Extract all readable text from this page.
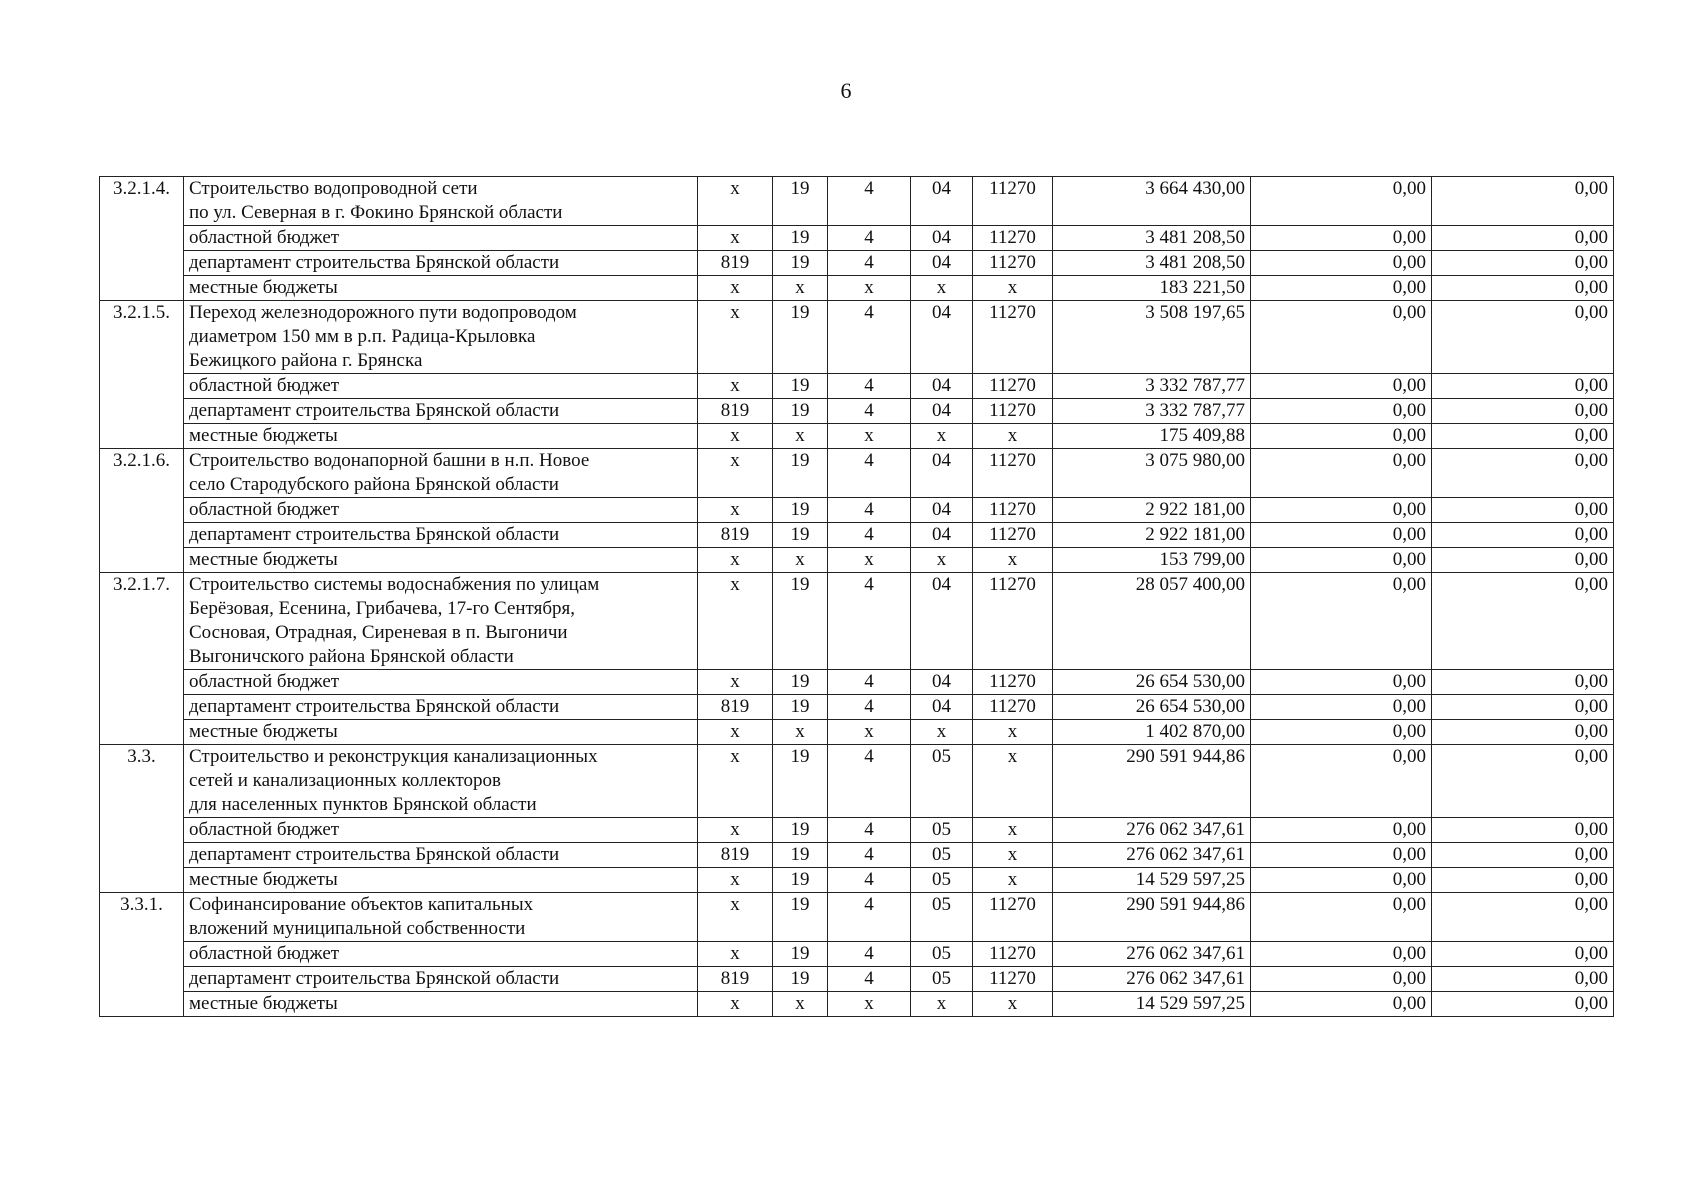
6
3.2.1.4.	Строительство водопроводной сети
по ул. Северная в г. Фокино Брянской области	х	19	4	04	11270	3 664 430,00	0,00	0,00
	областной бюджет	х	19	4	04	11270	3 481 208,50	0,00	0,00
	департамент строительства Брянской области	819	19	4	04	11270	3 481 208,50	0,00	0,00
	местные бюджеты	х	х	х	х	х	183 221,50	0,00	0,00
3.2.1.5.	Переход железнодорожного пути водопроводом
диаметром 150 мм в р.п. Радица-Крыловка
Бежицкого района г. Брянска	х	19	4	04	11270	3 508 197,65	0,00	0,00
	областной бюджет	х	19	4	04	11270	3 332 787,77	0,00	0,00
	департамент строительства Брянской области	819	19	4	04	11270	3 332 787,77	0,00	0,00
	местные бюджеты	х	х	х	х	х	175 409,88	0,00	0,00
3.2.1.6.	Строительство водонапорной башни в н.п. Новое
село Стародубского района Брянской области	х	19	4	04	11270	3 075 980,00	0,00	0,00
	областной бюджет	х	19	4	04	11270	2 922 181,00	0,00	0,00
	департамент строительства Брянской области	819	19	4	04	11270	2 922 181,00	0,00	0,00
	местные бюджеты	х	х	х	х	х	153 799,00	0,00	0,00
3.2.1.7.	Строительство системы водоснабжения по улицам
Берёзовая, Есенина, Грибачева, 17-го Сентября,
Сосновая, Отрадная, Сиреневая в п. Выгоничи
Выгоничского района Брянской области	х	19	4	04	11270	28 057 400,00	0,00	0,00
	областной бюджет	х	19	4	04	11270	26 654 530,00	0,00	0,00
	департамент строительства Брянской области	819	19	4	04	11270	26 654 530,00	0,00	0,00
	местные бюджеты	х	х	х	х	х	1 402 870,00	0,00	0,00
3.3.	Строительство и реконструкция канализационных
сетей и канализационных коллекторов
для населенных пунктов Брянской области	х	19	4	05	х	290 591 944,86	0,00	0,00
	областной бюджет	х	19	4	05	х	276 062 347,61	0,00	0,00
	департамент строительства Брянской области	819	19	4	05	х	276 062 347,61	0,00	0,00
	местные бюджеты	х	19	4	05	х	14 529 597,25	0,00	0,00
3.3.1.	Софинансирование объектов капитальных
вложений муниципальной собственности	х	19	4	05	11270	290 591 944,86	0,00	0,00
	областной бюджет	х	19	4	05	11270	276 062 347,61	0,00	0,00
	департамент строительства Брянской области	819	19	4	05	11270	276 062 347,61	0,00	0,00
	местные бюджеты	х	х	х	х	х	14 529 597,25	0,00	0,00
